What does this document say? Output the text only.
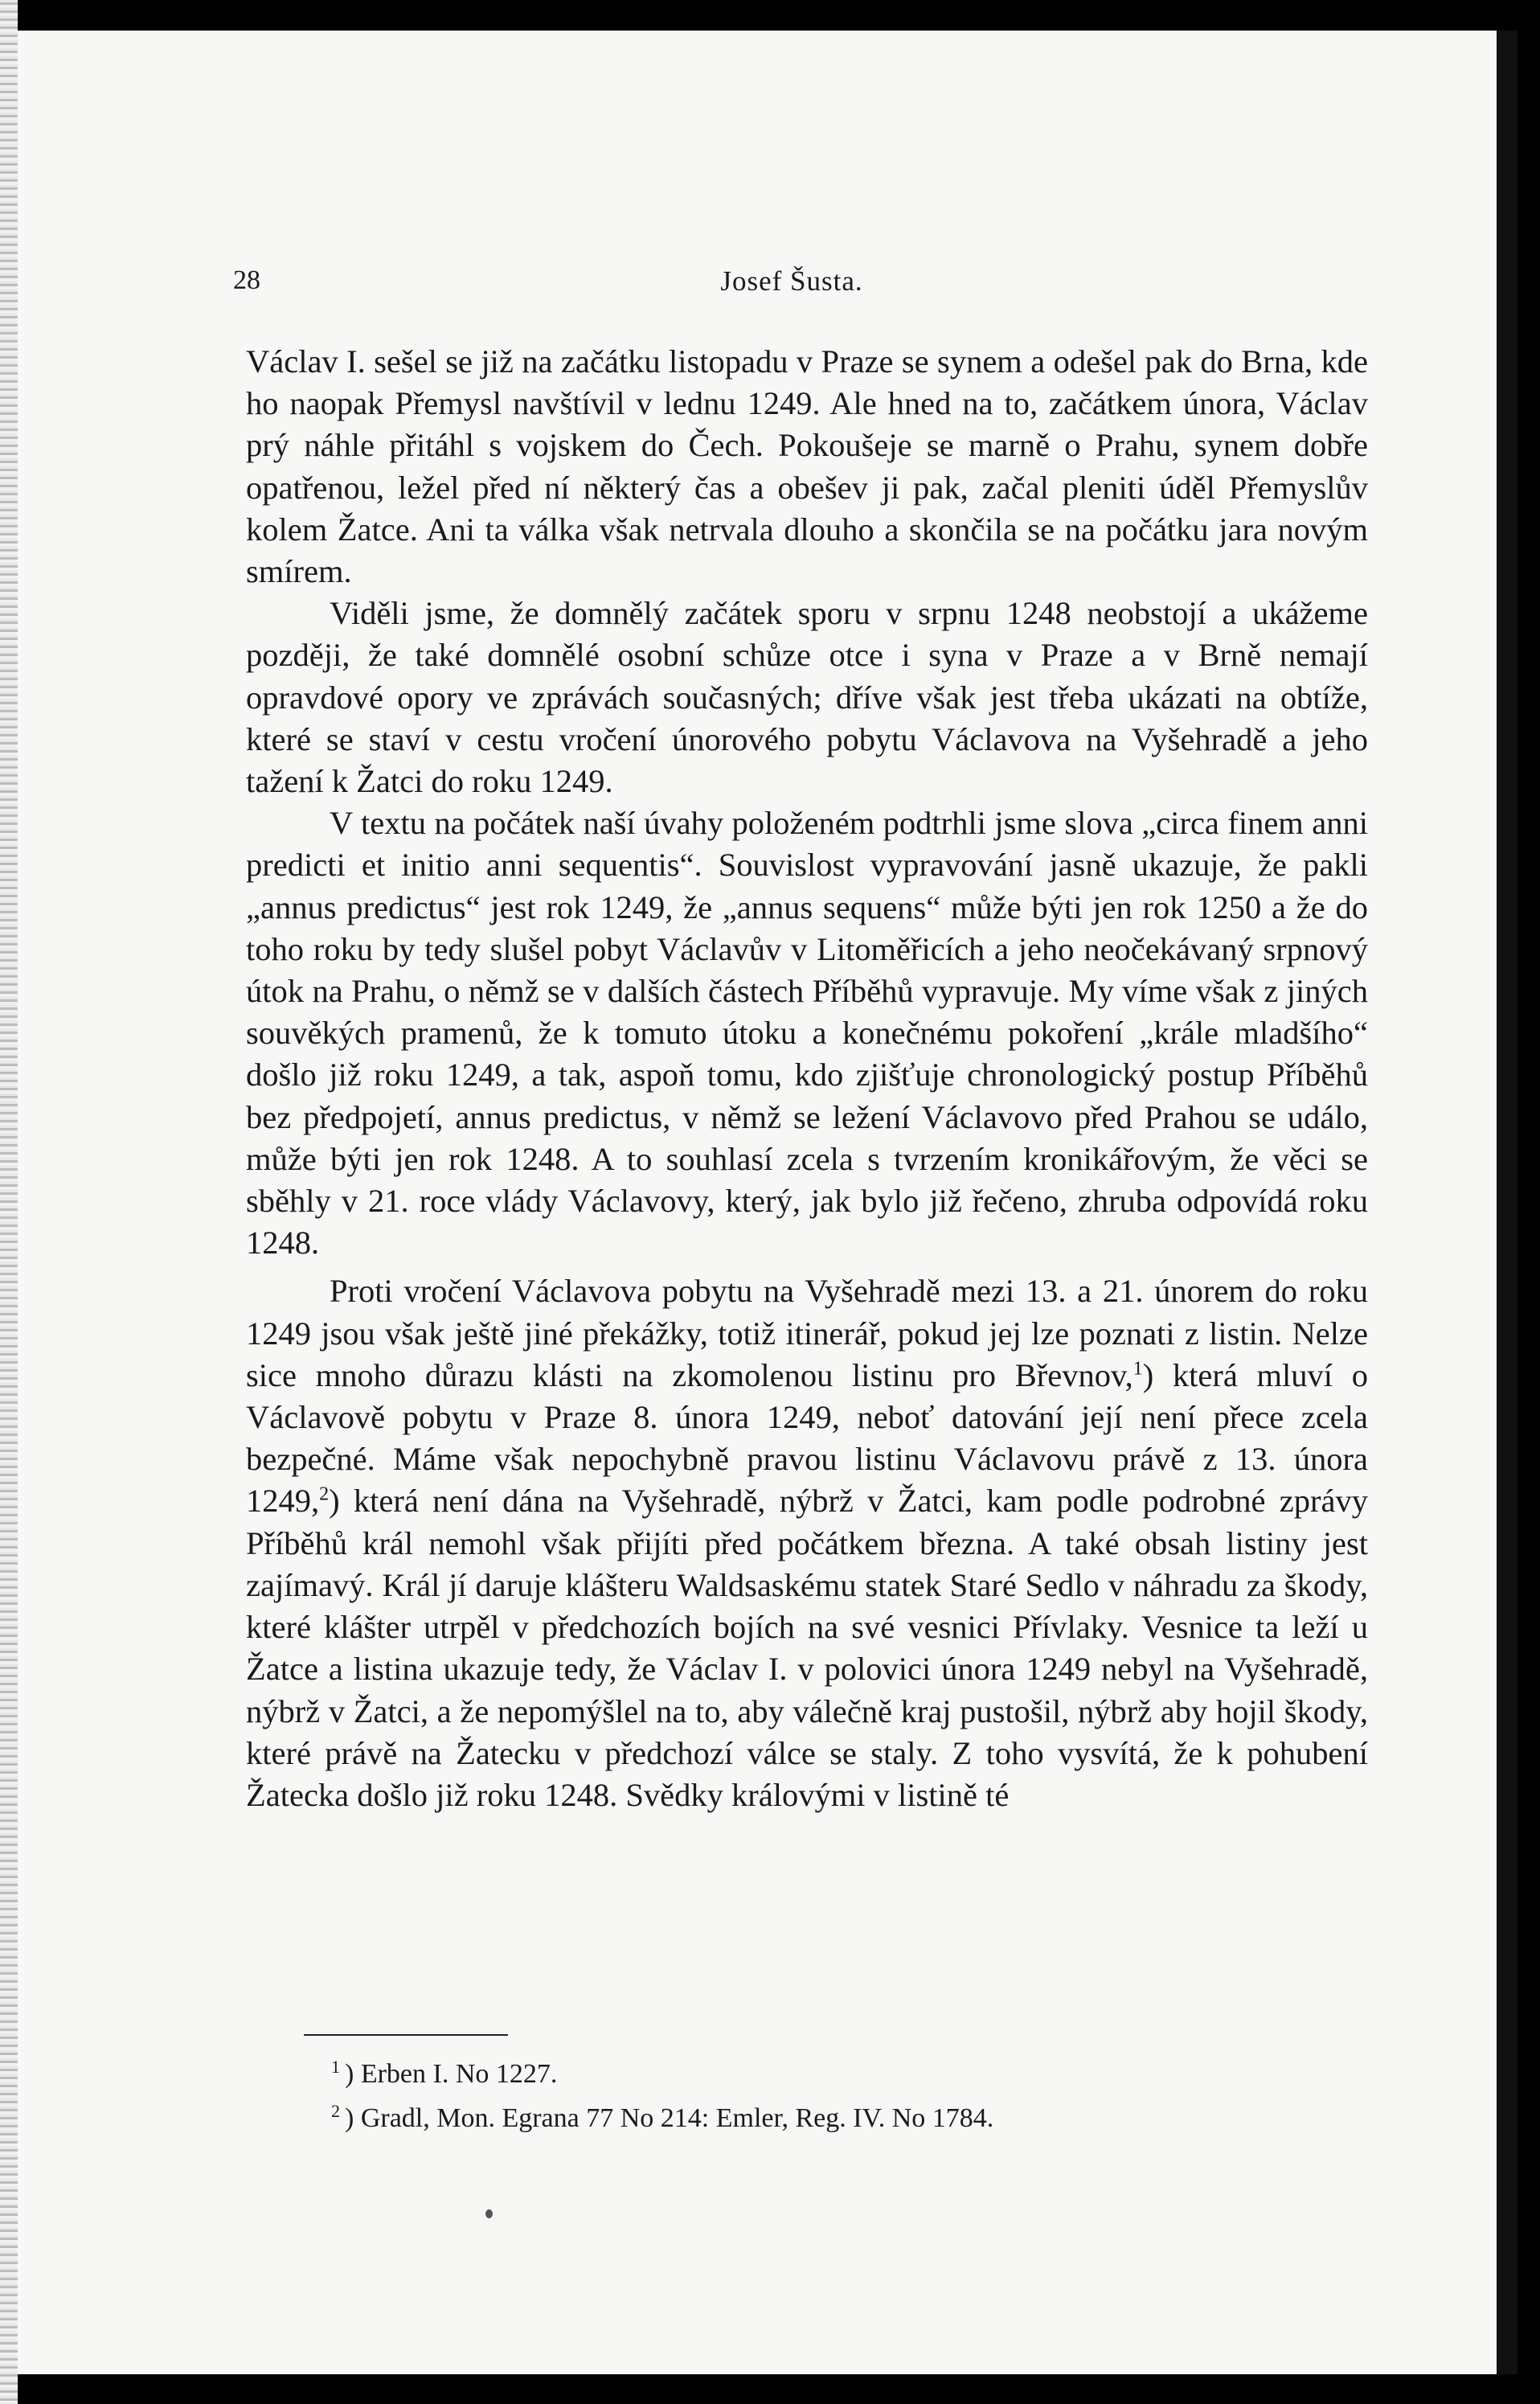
28	Josef Šusta.

Václav I. sešel se již na začátku listopadu v Praze se synem a odešel pak do Brna, kde ho naopak Přemysl navštívil v lednu 1249. Ale hned na to, začátkem února, Václav prý náhle přitáhl s vojskem do Čech. Pokoušeje se marně o Prahu, synem dobře opatřenou, ležel před ní některý čas a obešev ji pak, začal pleniti úděl Přemyslův kolem Žatce. Ani ta válka však netrvala dlouho a skončila se na počátku jara novým smírem.

Viděli jsme, že domnělý začátek sporu v srpnu 1248 neobstojí a ukážeme později, že také domnělé osobní schůze otce i syna v Praze a v Brně nemají opravdové opory ve zprávách současných; dříve však jest třeba ukázati na obtíže, které se staví v cestu vročení únorového pobytu Václavova na Vyšehradě a jeho tažení k Žatci do roku 1249.

V textu na počátek naší úvahy položeném podtrhli jsme slova „circa finem anni predicti et initio anni sequentis“. Souvislost vypravování jasně ukazuje, že pakli „annus predictus“ jest rok 1249, že „annus sequens“ může býti jen rok 1250 a že do toho roku by tedy slušel pobyt Václavův v Litoměřicích a jeho neočekávaný srpnový útok na Prahu, o němž se v dalších částech Příběhů vypravuje. My víme však z jiných souvěkých pramenů, že k tomuto útoku a konečnému pokoření „krále mladšího“ došlo již roku 1249, a tak, aspoň tomu, kdo zjišťuje chronologický postup Příběhů bez předpojetí, annus predictus, v němž se ležení Václavovo před Prahou se událo, může býti jen rok 1248. A to souhlasí zcela s tvrzením kronikářovým, že věci se sběhly v 21. roce vlády Václavovy, který, jak bylo již řečeno, zhruba odpovídá roku 1248.

Proti vročení Václavova pobytu na Vyšehradě mezi 13. a 21. únorem do roku 1249 jsou však ještě jiné překážky, totiž itinerář, pokud jej lze poznati z listin. Nelze sice mnoho důrazu klásti na zkomolenou listinu pro Břevnov,$^1$) která mluví o Václavově pobytu v Praze 8. února 1249, neboť datování její není přece zcela bezpečné. Máme však nepochybně pravou listinu Václavovu právě z 13. února 1249,$^2$) která není dána na Vyšehradě, nýbrž v Žatci, kam podle podrobné zprávy Příběhů král nemohl však přijíti před počátkem března. A také obsah listiny jest zajímavý. Král jí daruje klášteru Waldsaskému statek Staré Sedlo v náhradu za škody, které klášter utrpěl v předchozích bojích na své vesnici Přívlaky. Vesnice ta leží u Žatce a listina ukazuje tedy, že Václav I. v polovici února 1249 nebyl na Vyšehradě, nýbrž v Žatci, a že nepomýšlel na to, aby válečně kraj pustošil, nýbrž aby hojil škody, které právě na Žatecku v předchozí válce se staly. Z toho vysvítá, že k pohubení Žatecka došlo již roku 1248. Svědky královými v listině té

$^1$ ) Erben I. No 1227.
$^2$ ) Gradl, Mon. Egrana 77 No 214: Emler, Reg. IV. No 1784.
